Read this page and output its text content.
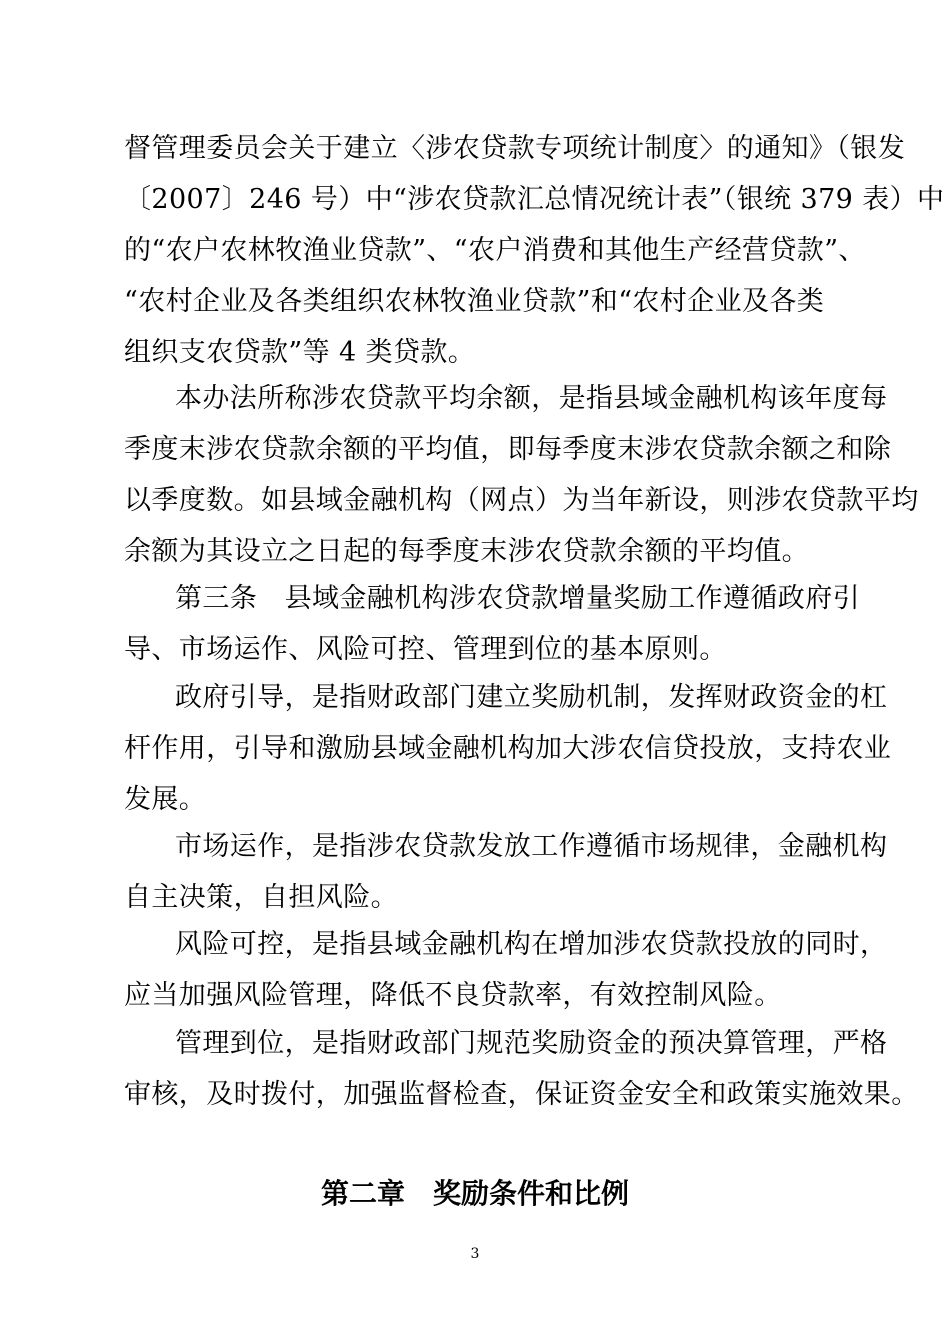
督管理委员会关于建立〈涉农贷款专项统计制度〉的通知》（银发
〔2007〕246 号）中“涉农贷款汇总情况统计表”（银统 379 表）中
的“农户农林牧渔业贷款”、“农户消费和其他生产经营贷款”、
“农村企业及各类组织农林牧渔业贷款”和“农村企业及各类
组织支农贷款”等 4 类贷款。
本办法所称涉农贷款平均余额，是指县域金融机构该年度每
季度末涉农贷款余额的平均值，即每季度末涉农贷款余额之和除
以季度数。如县域金融机构（网点）为当年新设，则涉农贷款平均
余额为其设立之日起的每季度末涉农贷款余额的平均值。
第三条　县域金融机构涉农贷款增量奖励工作遵循政府引
导、市场运作、风险可控、管理到位的基本原则。
政府引导，是指财政部门建立奖励机制，发挥财政资金的杠
杆作用，引导和激励县域金融机构加大涉农信贷投放，支持农业
发展。
市场运作，是指涉农贷款发放工作遵循市场规律，金融机构
自主决策，自担风险。
风险可控，是指县域金融机构在增加涉农贷款投放的同时，
应当加强风险管理，降低不良贷款率，有效控制风险。
管理到位，是指财政部门规范奖励资金的预决算管理，严格
审核，及时拨付，加强监督检查，保证资金安全和政策实施效果。
第二章　奖励条件和比例
3
